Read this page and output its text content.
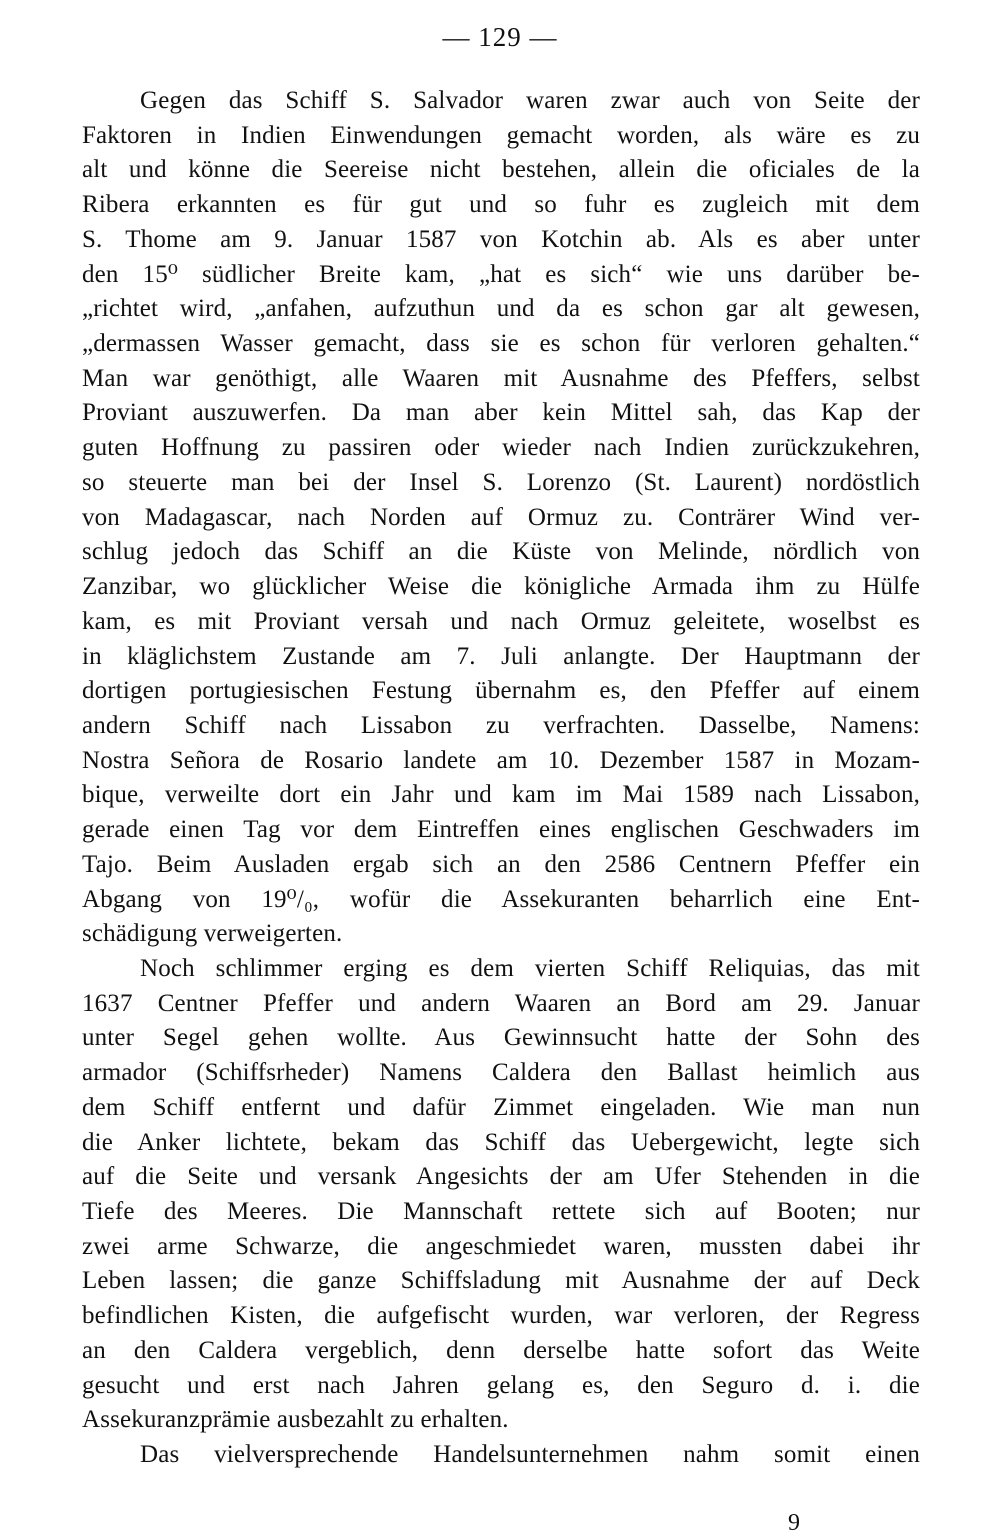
— 129 —
Gegen das Schiff S. Salvador waren zwar auch von Seite der
Faktoren in Indien Einwendungen gemacht worden, als wäre es zu
alt und könne die Seereise nicht bestehen, allein die oficiales de la
Ribera erkannten es für gut und so fuhr es zugleich mit dem
S. Thome am 9. Januar 1587 von Kotchin ab. Als es aber unter
den 15⁰ südlicher Breite kam, „hat es sich“ wie uns darüber be-
„richtet wird, „anfahen, aufzuthun und da es schon gar alt gewesen,
„dermassen Wasser gemacht, dass sie es schon für verloren gehalten.“
Man war genöthigt, alle Waaren mit Ausnahme des Pfeffers, selbst
Proviant auszuwerfen. Da man aber kein Mittel sah, das Kap der
guten Hoffnung zu passiren oder wieder nach Indien zurückzukehren,
so steuerte man bei der Insel S. Lorenzo (St. Laurent) nordöstlich
von Madagascar, nach Norden auf Ormuz zu. Conträrer Wind ver-
schlug jedoch das Schiff an die Küste von Melinde, nördlich von
Zanzibar, wo glücklicher Weise die königliche Armada ihm zu Hülfe
kam, es mit Proviant versah und nach Ormuz geleitete, woselbst es
in kläglichstem Zustande am 7. Juli anlangte. Der Hauptmann der
dortigen portugiesischen Festung übernahm es, den Pfeffer auf einem
andern Schiff nach Lissabon zu verfrachten. Dasselbe, Namens:
Nostra Señora de Rosario landete am 10. Dezember 1587 in Mozam-
bique, verweilte dort ein Jahr und kam im Mai 1589 nach Lissabon,
gerade einen Tag vor dem Eintreffen eines englischen Geschwaders im
Tajo. Beim Ausladen ergab sich an den 2586 Centnern Pfeffer ein
Abgang von 19⁰/₀, wofür die Assekuranten beharrlich eine Ent-
schädigung verweigerten.
Noch schlimmer erging es dem vierten Schiff Reliquias, das mit
1637 Centner Pfeffer und andern Waaren an Bord am 29. Januar
unter Segel gehen wollte. Aus Gewinnsucht hatte der Sohn des
armador (Schiffsrheder) Namens Caldera den Ballast heimlich aus
dem Schiff entfernt und dafür Zimmet eingeladen. Wie man nun
die Anker lichtete, bekam das Schiff das Uebergewicht, legte sich
auf die Seite und versank Angesichts der am Ufer Stehenden in die
Tiefe des Meeres. Die Mannschaft rettete sich auf Booten; nur
zwei arme Schwarze, die angeschmiedet waren, mussten dabei ihr
Leben lassen; die ganze Schiffsladung mit Ausnahme der auf Deck
befindlichen Kisten, die aufgefischt wurden, war verloren, der Regress
an den Caldera vergeblich, denn derselbe hatte sofort das Weite
gesucht und erst nach Jahren gelang es, den Seguro d. i. die
Assekuranzprämie ausbezahlt zu erhalten.
Das vielversprechende Handelsunternehmen nahm somit einen
9
